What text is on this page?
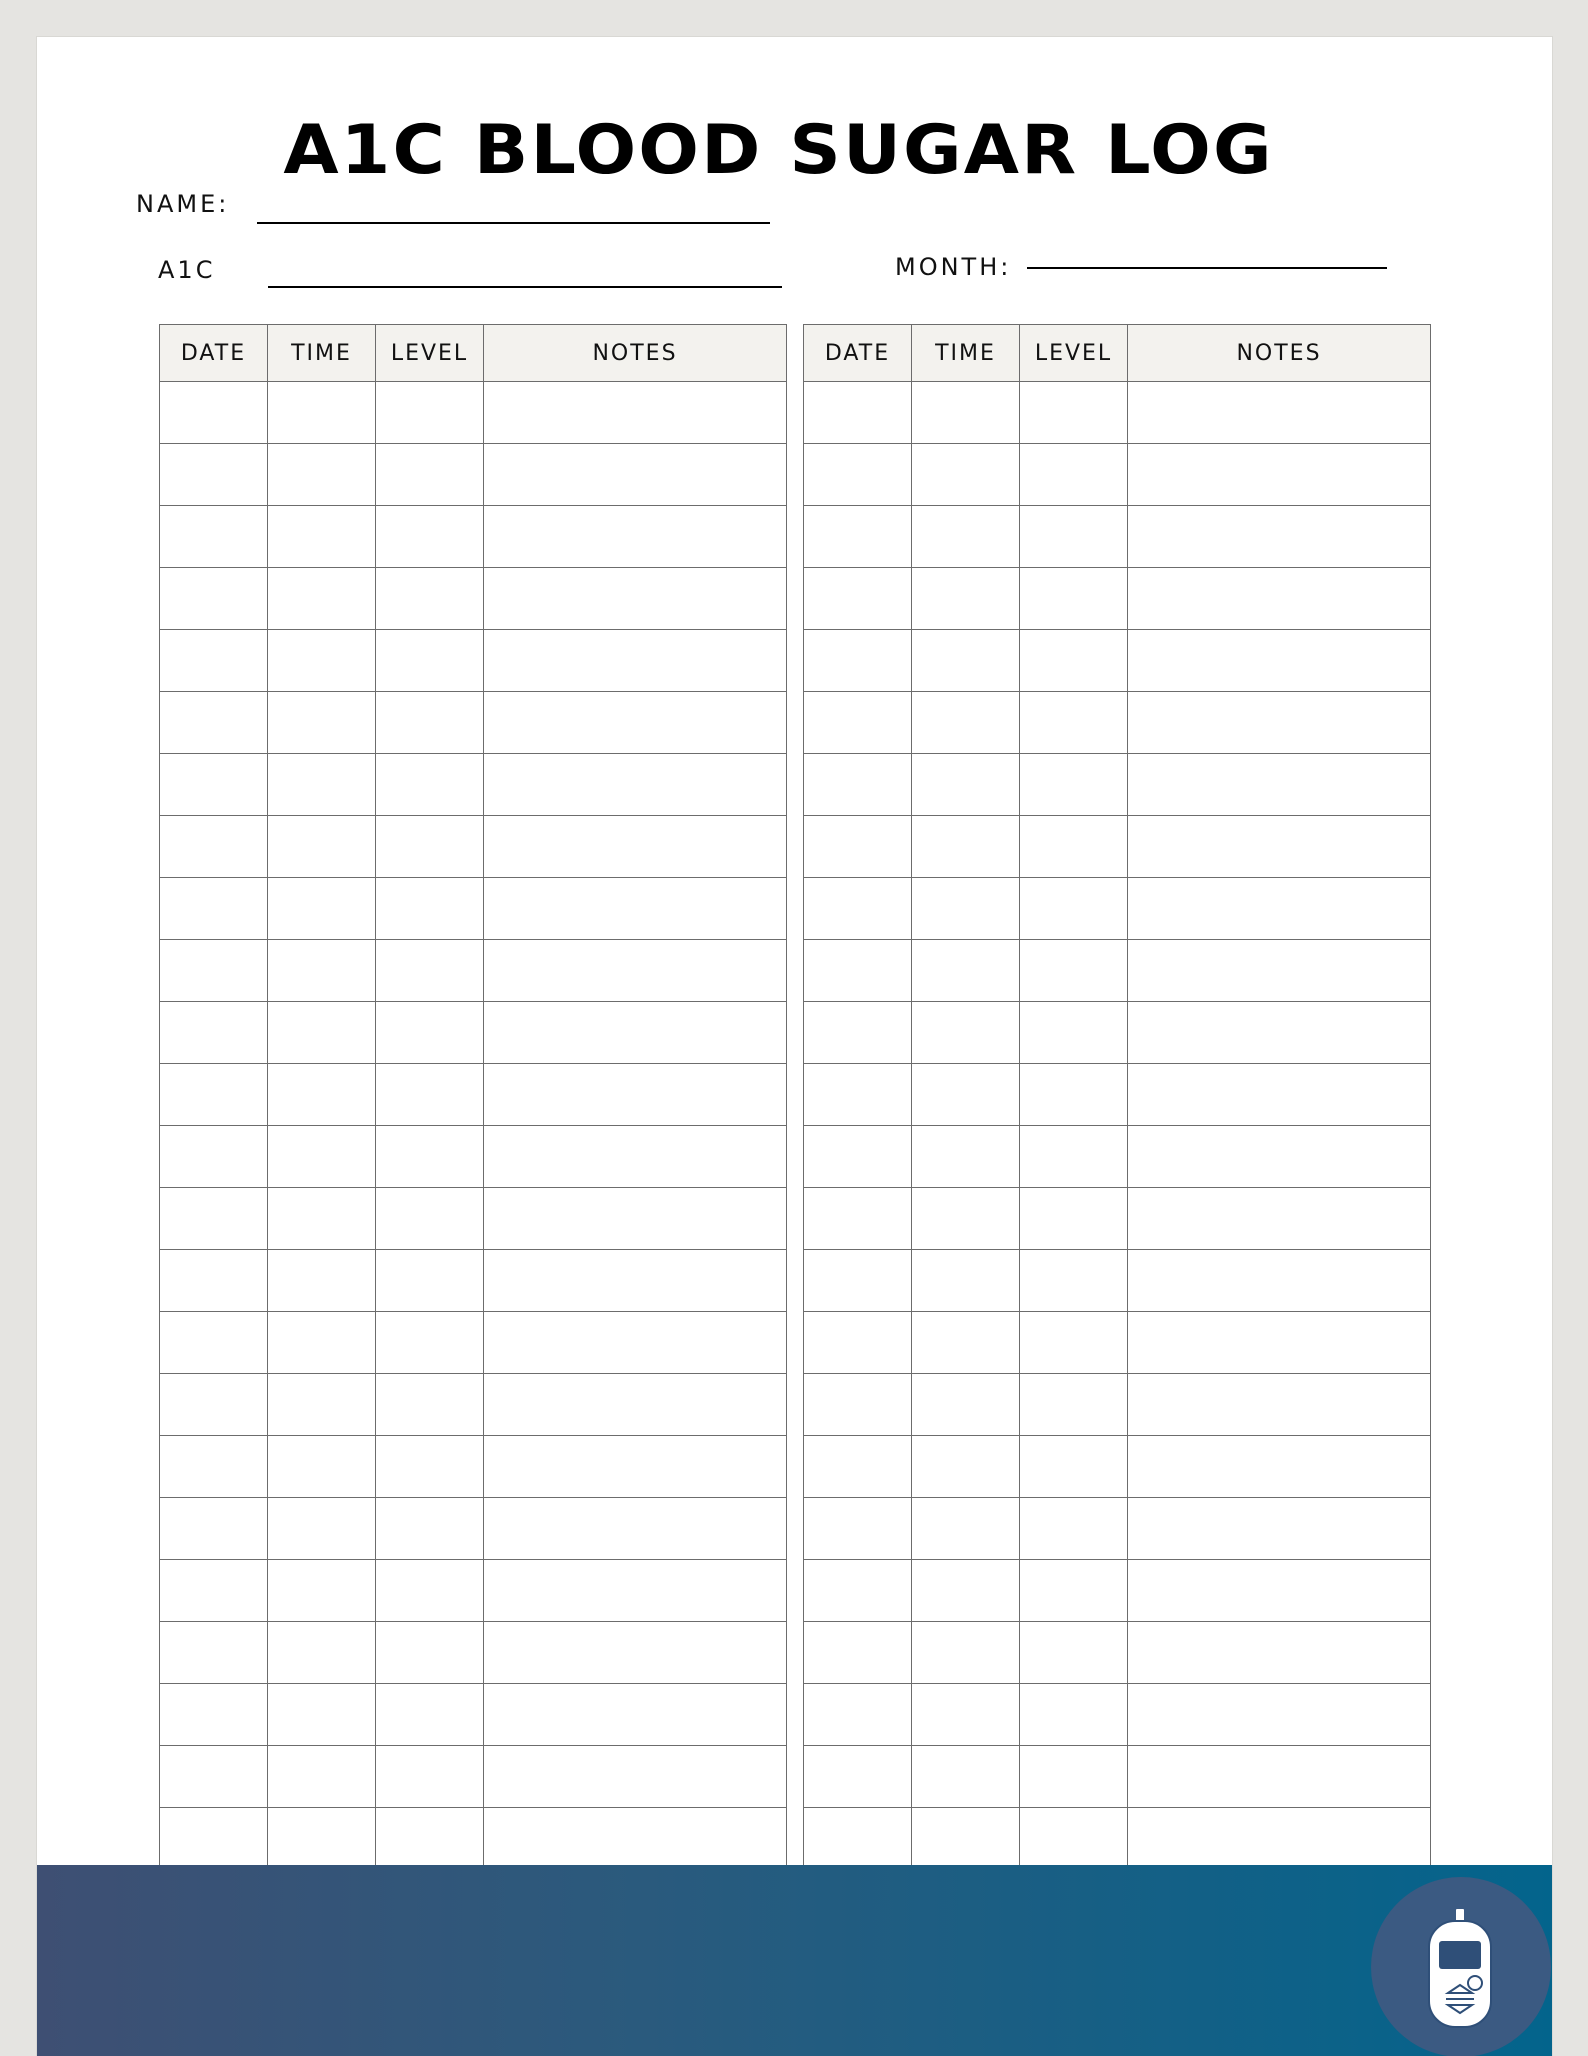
A1C BLOOD SUGAR LOG
NAME:
A1C	MONTH:
DATE	TIME	LEVEL	NOTES

				DATE	TIME	LEVEL	NOTES
